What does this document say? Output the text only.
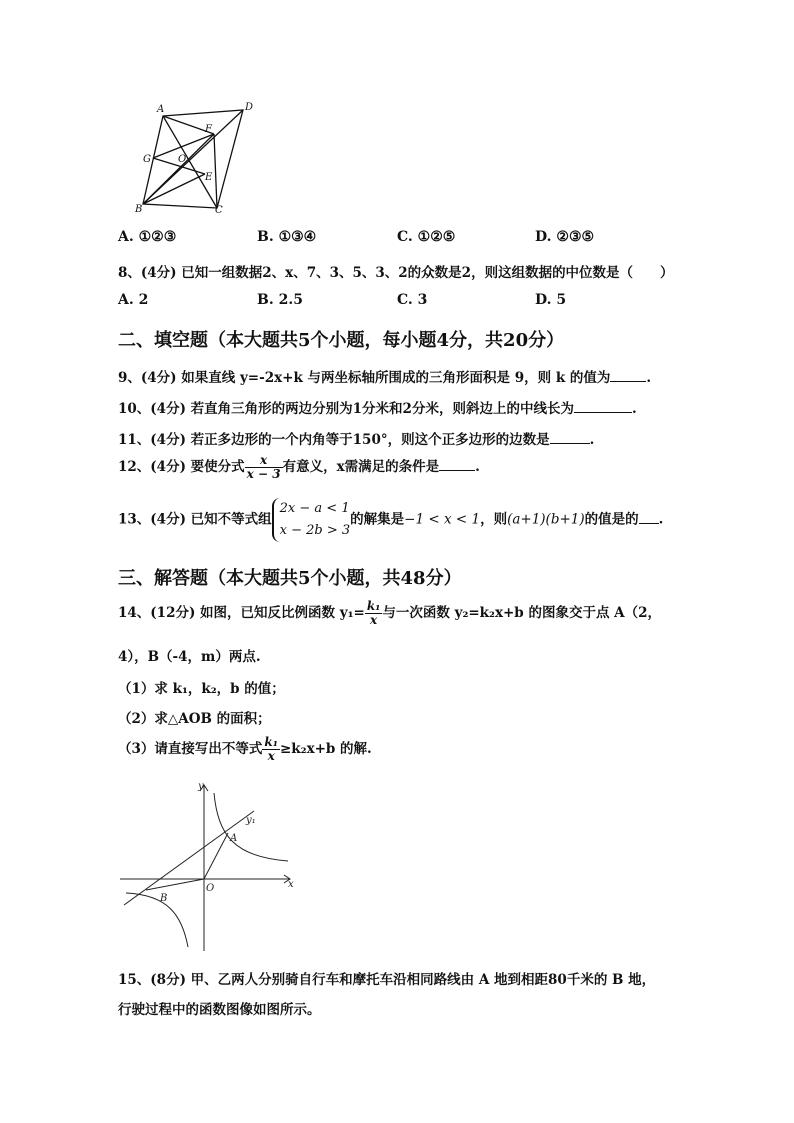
A	D
F
G	O
E
B	C
A. ①②③	B. ①③④	C. ①②⑤	D. ②③⑤
8、(4分) 已知一组数据2、x、7、3、5、3、2的众数是2，则这组数据的中位数是（　　）
A. 2	B. 2.5	C. 3	D. 5
二、填空题（本大题共5个小题，每小题4分，共20分）
9、(4分) 如果直线 y=-2x+k 与两坐标轴所围成的三角形面积是 9，则 k 的值为	.
10、(4分) 若直角三角形的两边分别为1分米和2分米，则斜边上的中线长为	.
11、(4分) 若正多边形的一个内角等于150°，则这个正多边形的边数是	.
12、(4分) 要使分式 $\frac{x}{x - 3}$ 有意义，x需满足的条件是	.
13、(4分) 已知不等式组
2x − a < 1
x − 2b > 3
的解集是−1 < x < 1，则(a+1)(b+1)的值是的 .
三、解答题（本大题共5个小题，共48分）
14、(12分) 如图，已知反比例函数 $y_1= \frac{\text{k₁}}{x}$ 与一次函数 y₂=k₂x+b 的图象交于点 A（2，
4），B（-4，m）两点.
（1）求 k₁，k₂，b 的值；
（2）求△AOB 的面积；
（3）请直接写出不等式 $\frac{\text{k₁}}{x} \ge k_2x+b$ 的解.
y
x
y₁
A
B
O
15、(8分) 甲、乙两人分别骑自行车和摩托车沿相同路线由 A 地到相距80千米的 B 地，
行驶过程中的函数图像如图所示。
